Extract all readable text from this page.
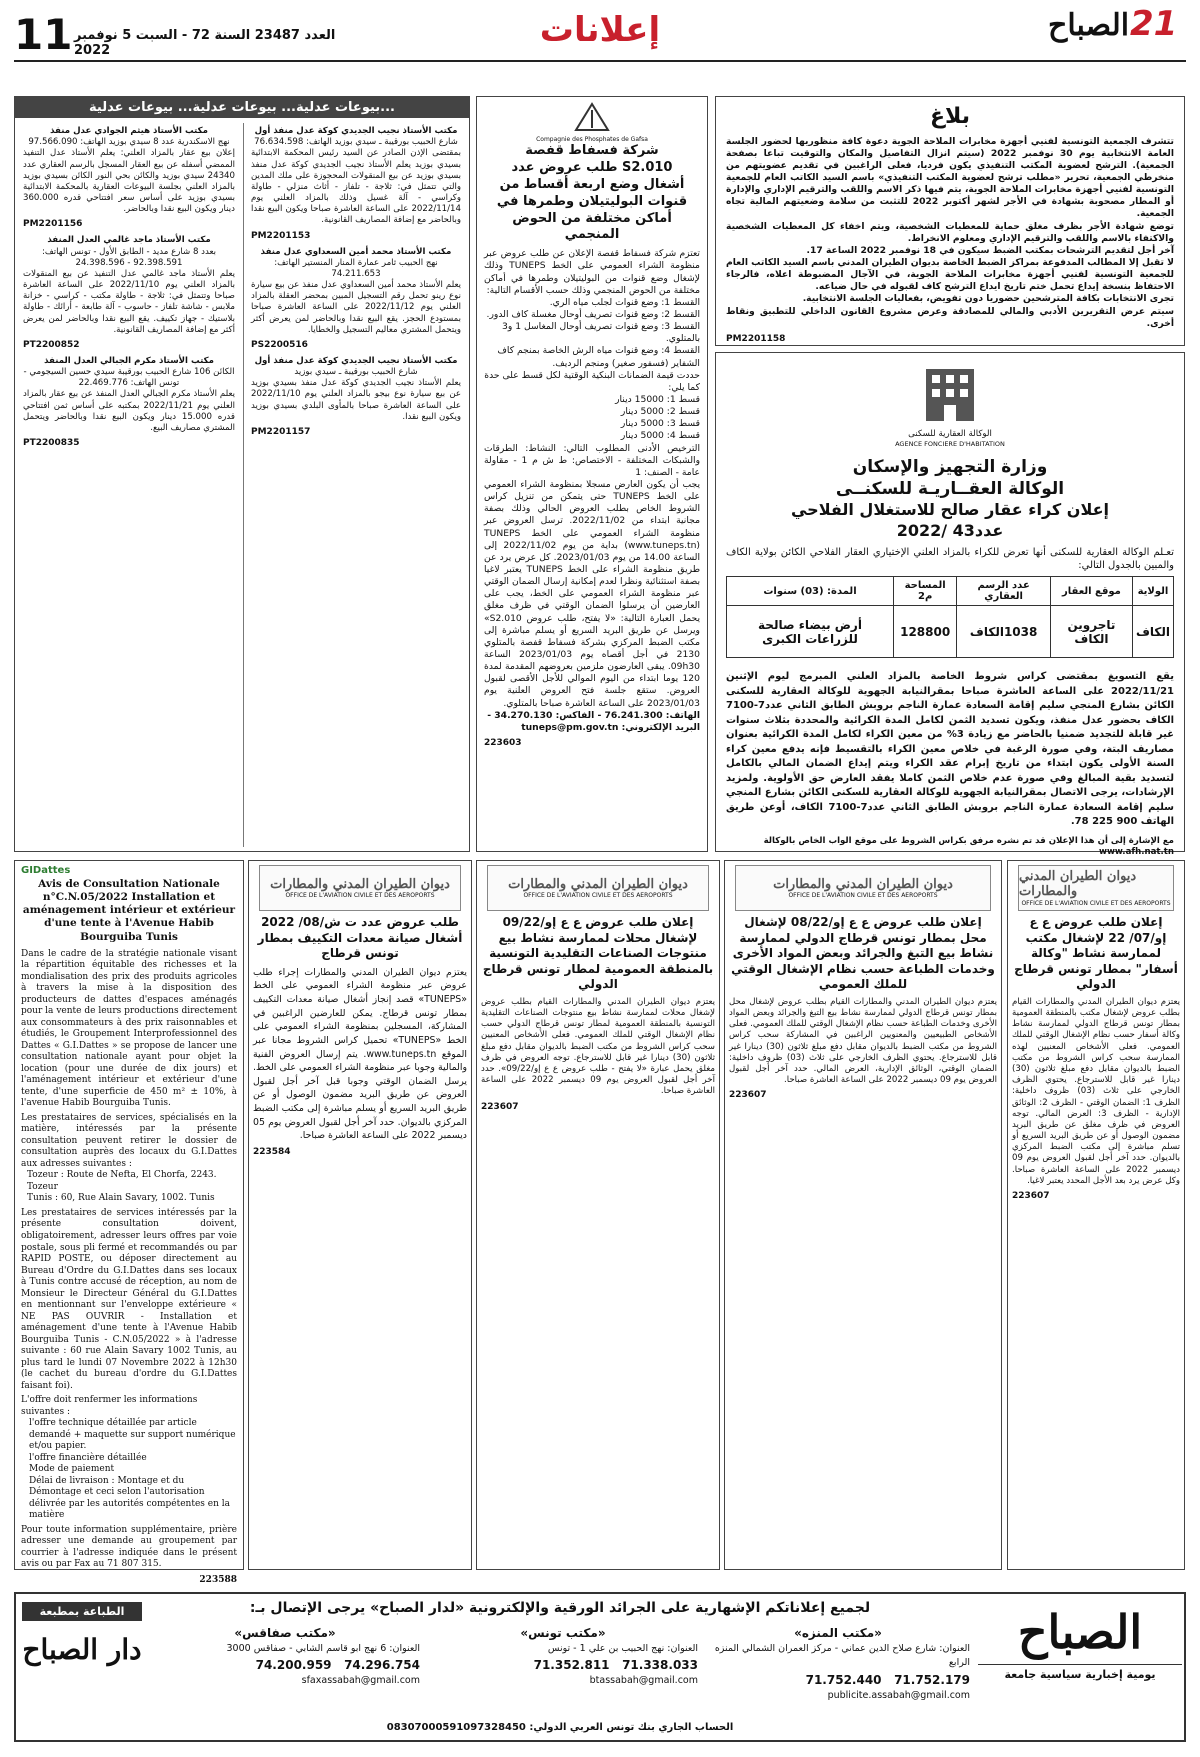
11 العدد 23487 السنة 72 - السبت 5 نوفمبر 2022
إعلانات	21
الصباح
بلاغ
تتشرف الجمعية التونسية لفنيي أجهزة مخابرات الملاحة الجوية دعوة كافة منظوريها لحضور الجلسة العامة الانتخابية يوم 30 نوفمبر 2022 (سيتم انزال التفاصيل والمكان والتوقيت تباعا بصفحة الجمعية). الترشح لعضوية المكتب التنفيذي يكون فرديا، فعلى الراغبين في تقديم عضويتهم من منخرطي الجمعية، تحرير «مطلب ترشح لعضوية المكتب التنفيذي» باسم السيد الكاتب العام للجمعية التونسية لفنيي أجهزة مخابرات الملاحة الجوية، يتم فيها ذكر الاسم واللقب والترقيم الإداري والإدارة أو المطار مصحوبة بشهادة في الأجر لشهر أكتوبر 2022 للتثبت من سلامة وضعيتهم المالية تجاه الجمعية.
توضع شهادة الأجر بظرف مغلق حماية للمعطيات الشخصية، ويتم اخفاء كل المعطيات الشخصية والاكتفاء بالاسم واللقب والترقيم الإداري ومعلوم الانخراط.
آخر أجل لتقديم الترشحات بمكتب الضبط سيكون في 18 نوفمبر 2022 الساعة 17.
لا تقبل إلا المطالب المدفوعة بمراكز الضبط الخاصة بديوان الطيران المدني باسم السيد الكاتب العام للجمعية التونسية لفنيي أجهزة مخابرات الملاحة الجوية، في الآجال المضبوطة اعلاه، فالرجاء الاحتفاظ بنسخة إيداع تحمل ختم تاريخ ايداع الترشح كاف لقبوله في حال ضياعه.
تجرى الانتخابات بكافة المترشحين حضوريا دون تفويض، بفعاليات الجلسة الانتخابية.
سيتم عرض التقريرين الأدبي والمالي للمصادقة وعرض مشروع القانون الداخلي للتطبيق ونقاط أخرى.
PM2201158
الوكالة العقارية للسكنى
AGENCE FONCIERE D'HABITATION
وزارة التجهيز والإسكان
الوكالة العقــاريـة للسكنــى
إعلان كراء عقار صالح للاستغلال الفلاحي
عدد43 /2022
تعـلم الوكالة العقارية للسكنى أنها تعرض للكراء بالمزاد العلني الإختياري العقار الفلاحي الكائن بولاية الكاف والمبين بالجدول التالي:
الولاية	موقع العقار	عدد الرسم العقاري	المساحة م2	المدة: (03) سنوات
الكاف	تاجروين الكاف	1038الكاف	128800	أرض بيضاء صالحة للزراعات الكبرى
يقع التسويغ بمقتضى كراس شروط الخاصة بالمزاد العلني المبرمج ليوم الإثنين 2022/11/21 على الساعة العاشرة صباحا بمقرالنيابة الجهوية للوكالة العقارية للسكنى الكائن بشارع المنجي سليم إقامة السعادة عمارة الناجم بروبش الطابق الثاني عدد7-7100 الكاف بحضور عدل منفذ، ويكون تسديد الثمن لكامل المدة الكرائية والمحددة بثلاث سنوات غير قابلة للتجديد ضمنيا بالحاضر مع زيادة 3% من معين الكراء لكامل المدة الكرائية بعنوان مصاريف البتة، وفي صورة الرغبة في خلاص معين الكراء بالتقسيط فإنه يدفع معين كراء السنة الأولى يكون ابتداء من تاريخ إبرام عقد الكراء ويتم إيداع الضمان المالي بالكامل لتسديد بقية المبالغ وفي صورة عدم خلاص الثمن كاملا يفقد العارض حق الأولوية. ولمزيد الإرشادات، يرجى الاتصال بمقرالنيابة الجهوية للوكالة العقارية للسكنى الكائن بشارع المنجي سليم إقامة السعادة عمارة الناجم بروبش الطابق الثاني عدد7-7100 الكاف، أوعن طريق الهاتف 900 225 78.
مع الإشارة إلى أن هذا الإعلان قد تم نشره مرفق بكراس الشروط على موقع الواب الخاص بالوكالة www.afh.nat.tn
Compagnie des Phosphates de Gafsa
شركة فسفاط قفصة
طلب عروض عدد S2.010
أشغال وضع اربعة أقساط من قنوات البوليتيلان وطمرها في أماكن مختلفة من الحوض المنجمي
تعتزم شركة فسفاط قفصة الإعلان عن طلب عروض عبر منظومة الشراء العمومي على الخط TUNEPS وذلك لإشغال وضع قنوات من البوليتيلان وطمرها في أماكن مختلفة من الحوض المنجمي وذلك حسب الأقسام التالية:
القسط 1: وضع قنوات لجلب مياه الري.
القسط 2: وضع قنوات تصريف أوحال مغسلة كاف الدور.
القسط 3: وضع قنوات تصريف أوحال المغاسل 1 و3 بالمتلوي.
القسط 4: وضع قنوات مياه الرش الخاصة بمنجم كاف الشفاير (فسفور صغير) ومنجم الرديف.
حددت قيمة الضمانات البنكية الوقتية لكل قسط على حدة كما يلي:
قسط 1: 15000 دينار
قسط 2: 5000 دينار
قسط 3: 5000 دينار
قسط 4: 5000 دينار
الترخيص الأدنى المطلوب التالي: النشاط: الطرقات والشبكات المختلفة - الاختصاص: ط ش م 1 - مقاولة عامة - الصنف: 1
يجب أن يكون العارض مسجلا بمنظومة الشراء العمومي على الخط TUNEPS حتى يتمكن من تنزيل كراس الشروط الخاص بطلب العروض الحالي وذلك بصفة مجانية ابتداء من 2022/11/02. ترسل العروض عبر منظومة الشراء العمومي على الخط TUNEPS (www.tuneps.tn) بداية من يوم 2022/11/02 إلى الساعة 14.00 من يوم 2023/01/03. كل عرض يرد عن طريق منظومة الشراء على الخط TUNEPS يعتبر لاغيا بصفة استثنائية ونظرا لعدم إمكانية إرسال الضمان الوقتي عبر منظومة الشراء العمومي على الخط، يجب على العارضين أن يرسلوا الضمان الوقتي في ظرف مغلق يحمل العبارة التالية: «لا يفتح، طلب عروض S2.010» ويرسل عن طريق البريد السريع أو يسلم مباشرة إلى مكتب الضبط المركزي بشركة فسفاط قفصة بالمتلوي 2130 في أجل أقصاه يوم 2023/01/03 الساعة 09h30. يبقى العارضون ملزمين بعروضهم المقدمة لمدة 120 يوما ابتداء من اليوم الموالي للأجل الأقصى لقبول العروض. ستقع جلسة فتح العروض العلنية يوم 2023/01/03 على الساعة العاشرة صباحا بالمتلوي.
الهاتف: 76.241.300 - الفاكس: 34.270.130 - البريد الإلكتروني: tuneps@pm.gov.tn
223603
بيوعات عدلية... بيوعات عدلية... بيوعات عدلية...
مكتب الأستاذ نجيب الجديدي كوكة عدل منفذ أول
شارع الحبيب بورقيبة ـ سيدي بوزيد الهاتف: 76.634.598
بمقتضى الإذن الصادر عن السيد رئيس المحكمة الابتدائية بسيدي بوزيد يعلم الأستاذ نجيب الجديدي كوكة عدل منفذ بسيدي بوزيد عن بيع المنقولات المحجوزة على ملك المدين والتي تتمثل في: ثلاجة - تلفاز - أثاث منزلي - طاولة وكراسي - آلة غسيل وذلك بالمزاد العلني يوم 2022/11/14 على الساعة العاشرة صباحا ويكون البيع نقدا وبالحاضر مع إضافة المصاريف القانونية.
PM2201153
مكتب الأستاذ محمد أمين السعداوي عدل منفذ
نهج الحبيب ثامر عمارة المنار المنستير الهاتف: 74.211.653
يعلم الأستاذ محمد أمين السعداوي عدل منفذ عن بيع سيارة نوع رينو تحمل رقم التسجيل المبين بمحضر العقلة بالمزاد العلني يوم 2022/11/12 على الساعة العاشرة صباحا بمستودع الحجز. يقع البيع نقدا وبالحاضر لمن يعرض أكثر ويتحمل المشتري معاليم التسجيل والخطايا.
PS2200516
مكتب الأستاذ نجيب الجديدي كوكة عدل منفذ أول
شارع الحبيب بورقيبة ـ سيدي بوزيد
يعلم الأستاذ نجيب الجديدي كوكة عدل منفذ بسيدي بوزيد عن بيع سيارة نوع بيجو بالمزاد العلني يوم 2022/11/10 على الساعة العاشرة صباحا بالمأوى البلدي بسيدي بوزيد ويكون البيع نقدا.
PM2201157
مكتب الأستاذ هيثم الجوادي عدل منفذ
نهج الاسكندرية عدد 8 سيدي بوزيد الهاتف: 97.566.090
إعلان بيع عقار بالمزاد العلني: يعلم الأستاذ عدل التنفيذ الممضي أسفله عن بيع العقار المسجل بالرسم العقاري عدد 24340 سيدي بوزيد والكائن بحي النور الكائن بسيدي بوزيد بالمزاد العلني بجلسة البيوعات العقارية بالمحكمة الابتدائية بسيدي بوزيد على أساس سعر افتتاحي قدره 360.000 دينار ويكون البيع نقدا وبالحاضر.
PM2201156
مكتب الأستاذ ماجد غالمي العدل المنفذ
بعدد 8 شارع مديد - الطابق الأول - تونس الهاتف: 92.398.591 - 24.398.596
يعلم الأستاذ ماجد غالمي عدل التنفيذ عن بيع المنقولات بالمزاد العلني يوم 2022/11/10 على الساعة العاشرة صباحا وتتمثل في: ثلاجة - طاولة مكتب - كراسي - خزانة ملابس - شاشة تلفاز - حاسوب - آلة طابعة - أرائك - طاولة بلاستيك - جهاز تكييف. يقع البيع نقدا وبالحاضر لمن يعرض أكثر مع إضافة المصاريف القانونية.
PT2200852
مكتب الأستاذ مكرم الجبالي العدل المنفذ
الكائن 106 شارع الحبيب بورقيبة سيدي حسين السيجومي - تونس الهاتف: 22.469.776
يعلم الأستاذ مكرم الجبالي العدل المنفذ عن بيع عقار بالمزاد العلني يوم 2022/11/21 بمكتبه على أساس ثمن افتتاحي قدره 15.000 دينار ويكون البيع نقدا وبالحاضر ويتحمل المشتري مصاريف البيع.
PT2200835
ديوان الطيران المدني والمطارات
OFFICE DE L'AVIATION CIVILE ET DES AEROPORTS
إعلان طلب عروض ع ع إو/07/ 22 لإشغال مكتب لممارسة نشاط "وكالة أسفار" بمطار تونس قرطاج الدولي
يعتزم ديوان الطيران المدني والمطارات القيام بطلب عروض لإشغال مكتب بالمنطقة العمومية بمطار تونس قرطاج الدولي لممارسة نشاط وكالة أسفار حسب نظام الإشغال الوقتي للملك العمومي. فعلى الأشخاص المعنيين لهذه الممارسة سحب كراس الشروط من مكتب الضبط بالديوان مقابل دفع مبلغ ثلاثون (30) دينارا غير قابل للاسترجاع. يحتوي الظرف الخارجي على ثلاث (03) ظروف داخلية: الظرف 1: الضمان الوقتي - الظرف 2: الوثائق الإدارية - الظرف 3: العرض المالي. توجه العروض في ظرف مغلق عن طريق البريد مضمون الوصول أو عن طريق البريد السريع أو تسلم مباشرة إلى مكتب الضبط المركزي بالديوان. حدد آخر أجل لقبول العروض يوم 09 ديسمبر 2022 على الساعة العاشرة صباحا. وكل عرض يرد بعد الأجل المحدد يعتبر لاغيا.
223607
ديوان الطيران المدني والمطارات
OFFICE DE L'AVIATION CIVILE ET DES AEROPORTS
إعلان طلب عروض ع ع إو/08/22 لإشغال محل بمطار تونس قرطاج الدولي لممارسة نشاط بيع التبغ والجرائد وبعض المواد الأخرى وخدمات الطباعة حسب نظام الإشغال الوقتي للملك العمومي
يعتزم ديوان الطيران المدني والمطارات القيام بطلب عروض لإشغال محل بمطار تونس قرطاج الدولي لممارسة نشاط بيع التبغ والجرائد وبعض المواد الأخرى وخدمات الطباعة حسب نظام الإشغال الوقتي للملك العمومي. فعلى الأشخاص الطبيعيين والمعنويين الراغبين في المشاركة سحب كراس الشروط من مكتب الضبط بالديوان مقابل دفع مبلغ ثلاثون (30) دينارا غير قابل للاسترجاع. يحتوي الظرف الخارجي على ثلاث (03) ظروف داخلية: الضمان الوقتي، الوثائق الإدارية، العرض المالي. حدد آخر أجل لقبول العروض يوم 09 ديسمبر 2022 على الساعة العاشرة صباحا.
223607
ديوان الطيران المدني والمطارات
OFFICE DE L'AVIATION CIVILE ET DES AEROPORTS
إعلان طلب عروض ع ع إو/09/22 لإشغال محلات لممارسة نشاط بيع منتوجات الصناعات التقليدية التونسية بالمنطقة العمومية لمطار تونس قرطاج الدولي
يعتزم ديوان الطيران المدني والمطارات القيام بطلب عروض لإشغال محلات لممارسة نشاط بيع منتوجات الصناعات التقليدية التونسية بالمنطقة العمومية لمطار تونس قرطاج الدولي حسب نظام الإشغال الوقتي للملك العمومي. فعلى الأشخاص المعنيين سحب كراس الشروط من مكتب الضبط بالديوان مقابل دفع مبلغ ثلاثون (30) دينارا غير قابل للاسترجاع. توجه العروض في ظرف مغلق يحمل عبارة «لا يفتح - طلب عروض ع ع إو/09/22». حدد آخر أجل لقبول العروض يوم 09 ديسمبر 2022 على الساعة العاشرة صباحا.
223607
ديوان الطيران المدني والمطارات
OFFICE DE L'AVIATION CIVILE ET DES AEROPORTS
طلب عروض عدد ت ش/08/ 2022 أشغال صيانة معدات التكييف بمطار تونس قرطاج
يعتزم ديوان الطيران المدني والمطارات إجراء طلب عروض عبر منظومة الشراء العمومي على الخط «TUNEPS» قصد إنجاز أشغال صيانة معدات التكييف بمطار تونس قرطاج. يمكن للعارضين الراغبين في المشاركة، المسجلين بمنظومة الشراء العمومي على الخط «TUNEPS» تحميل كراس الشروط مجانا عبر الموقع www.tuneps.tn. يتم إرسال العروض الفنية والمالية وجوبا عبر منظومة الشراء العمومي على الخط. يرسل الضمان الوقتي وجوبا قبل آخر أجل لقبول العروض عن طريق البريد مضمون الوصول أو عن طريق البريد السريع أو يسلم مباشرة إلى مكتب الضبط المركزي بالديوان. حدد آخر أجل لقبول العروض يوم 05 ديسمبر 2022 على الساعة العاشرة صباحا.
223584
GIDattes
Avis de Consultation Nationale n°C.N.05/2022 Installation et aménagement intérieur et extérieur d'une tente à l'Avenue Habib Bourguiba Tunis
Dans le cadre de la stratégie nationale visant la répartition équitable des richesses et la mondialisation des prix des produits agricoles à travers la mise à la disposition des producteurs de dattes d'espaces aménagés pour la vente de leurs productions directement aux consommateurs à des prix raisonnables et étudiés, le Groupement Interprofessionnel des Dattes « G.I.Dattes » se propose de lancer une consultation nationale ayant pour objet la location (pour une durée de dix jours) et l'aménagement intérieur et extérieur d'une tente, d'une superficie de 450 m² ± 10%, à l'avenue Habib Bourguiba Tunis.
Les prestataires de services, spécialisés en la matière, intéressés par la présente consultation peuvent retirer le dossier de consultation auprès des locaux du G.I.Dattes aux adresses suivantes :
Tozeur : Route de Nefta, El Chorfa, 2243. Tozeur
Tunis : 60, Rue Alain Savary, 1002. Tunis
Les prestataires de services intéressés par la présente consultation doivent, obligatoirement, adresser leurs offres par voie postale, sous pli fermé et recommandés ou par RAPID POSTE, ou déposer directement au Bureau d'Ordre du G.I.Dattes dans ses locaux à Tunis contre accusé de réception, au nom de Monsieur le Directeur Général du G.I.Dattes en mentionnant sur l'enveloppe extérieure « NE PAS OUVRIR - Installation et aménagement d'une tente à l'Avenue Habib Bourguiba Tunis - C.N.05/2022 » à l'adresse suivante : 60 rue Alain Savary 1002 Tunis, au plus tard le lundi 07 Novembre 2022 à 12h30 (le cachet du bureau d'ordre du G.I.Dattes faisant foi).
L'offre doit renfermer les informations suivantes :
l'offre technique détaillée par article demandé + maquette sur support numérique et/ou papier.
l'offre financière détaillée
Mode de paiement
Délai de livraison : Montage et du Démontage et ceci selon l'autorisation délivrée par les autorités compétentes en la matière
Pour toute information supplémentaire, prière adresser une demande au groupement par courrier à l'adresse indiquée dans le présent avis ou par Fax au 71 807 315.
223588
الطباعة بمطبعة
دار الصباح
لجميع إعلاناتكم الإشهارية على الجرائد الورقية والإلكترونية «لدار الصباح» يرجى الإتصال بـ:
«مكتب المنزه»
العنوان: شارع صلاح الدين عماني - مركز العمران الشمالي المنزه الرابع
71.752.179   71.752.440
publicite.assabah@gmail.com
«مكتب تونس»
العنوان: نهج الحبيب بن علي 1 - تونس
71.338.033   71.352.811
btassabah@gmail.com
«مكتب صفاقس»
العنوان: 6 نهج ابو قاسم الشابي - صفاقس 3000
74.296.754   74.200.959
sfaxassabah@gmail.com
الحساب الجاري بنك تونس العربي الدولي: 08307000591097328450
الصباح
يومية إخبارية سياسية جامعة
